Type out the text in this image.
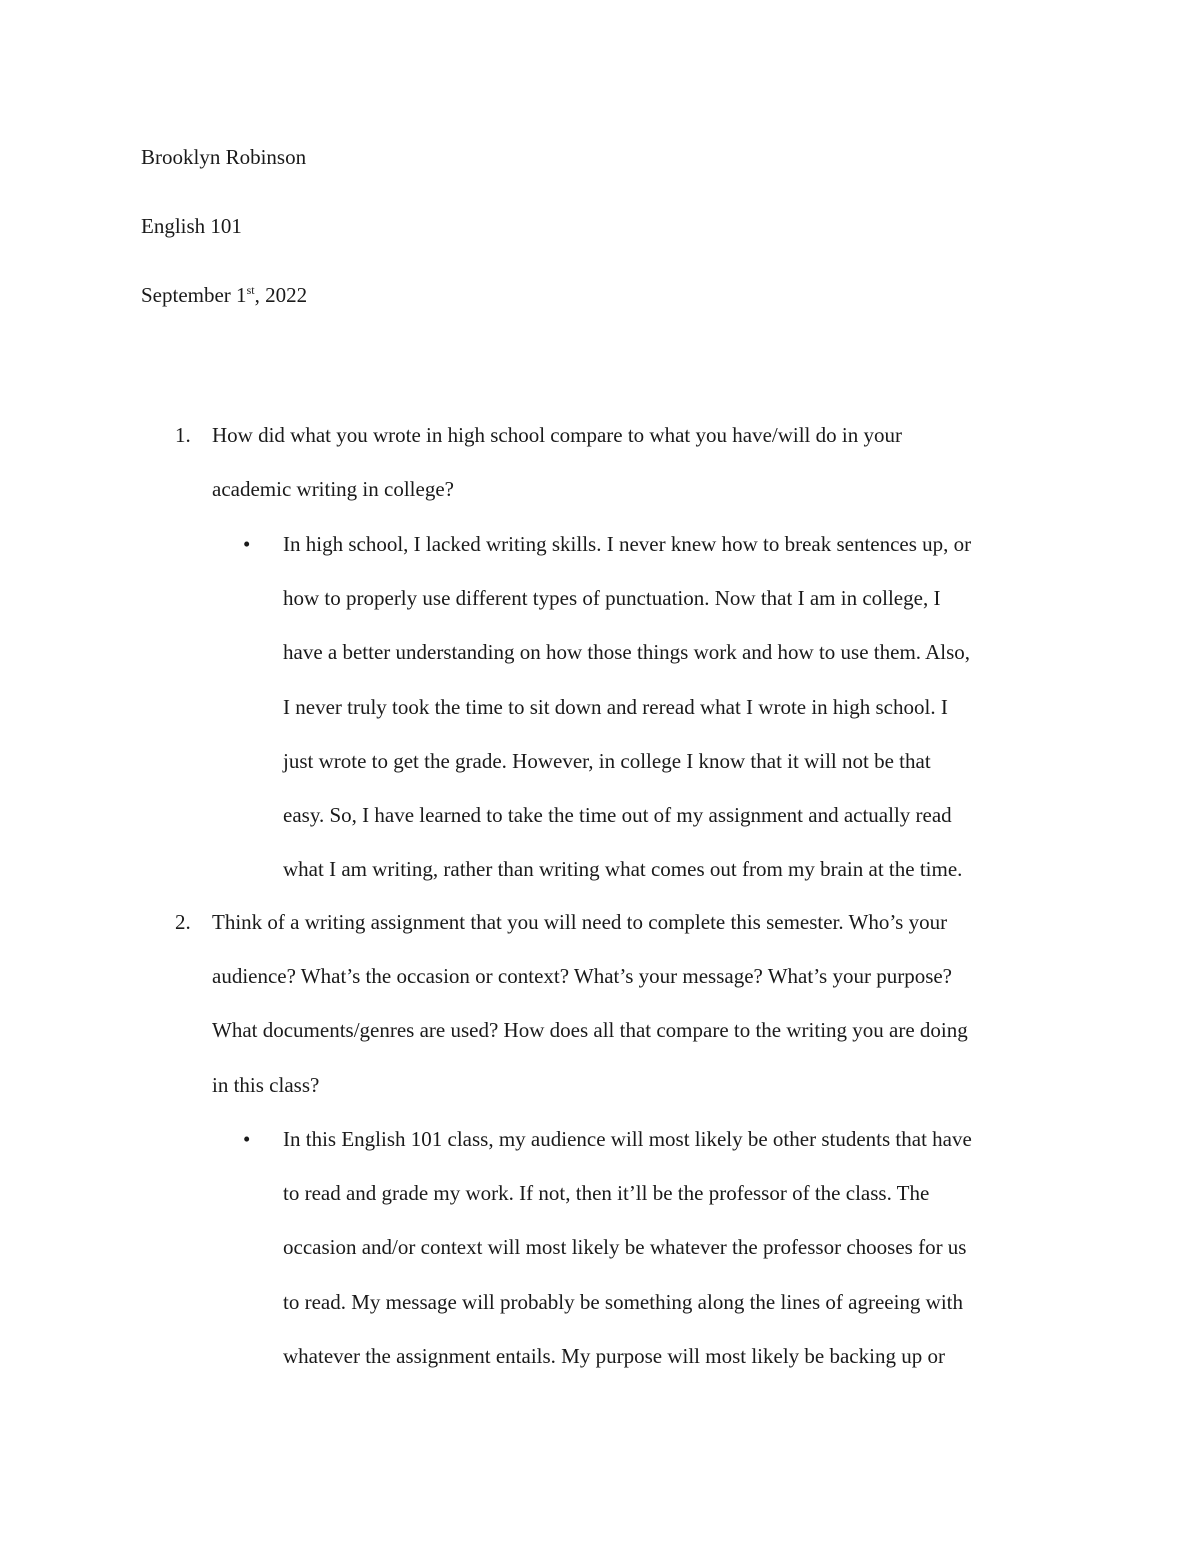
Brooklyn Robinson
English 101
September 1st, 2022
1. How did what you wrote in high school compare to what you have/will do in your
academic writing in college?
• In high school, I lacked writing skills. I never knew how to break sentences up, or
how to properly use different types of punctuation. Now that I am in college, I
have a better understanding on how those things work and how to use them. Also,
I never truly took the time to sit down and reread what I wrote in high school. I
just wrote to get the grade. However, in college I know that it will not be that
easy. So, I have learned to take the time out of my assignment and actually read
what I am writing, rather than writing what comes out from my brain at the time.
2. Think of a writing assignment that you will need to complete this semester. Who’s your
audience? What’s the occasion or context? What’s your message? What’s your purpose?
What documents/genres are used? How does all that compare to the writing you are doing
in this class?
• In this English 101 class, my audience will most likely be other students that have
to read and grade my work. If not, then it’ll be the professor of the class. The
occasion and/or context will most likely be whatever the professor chooses for us
to read. My message will probably be something along the lines of agreeing with
whatever the assignment entails. My purpose will most likely be backing up or
